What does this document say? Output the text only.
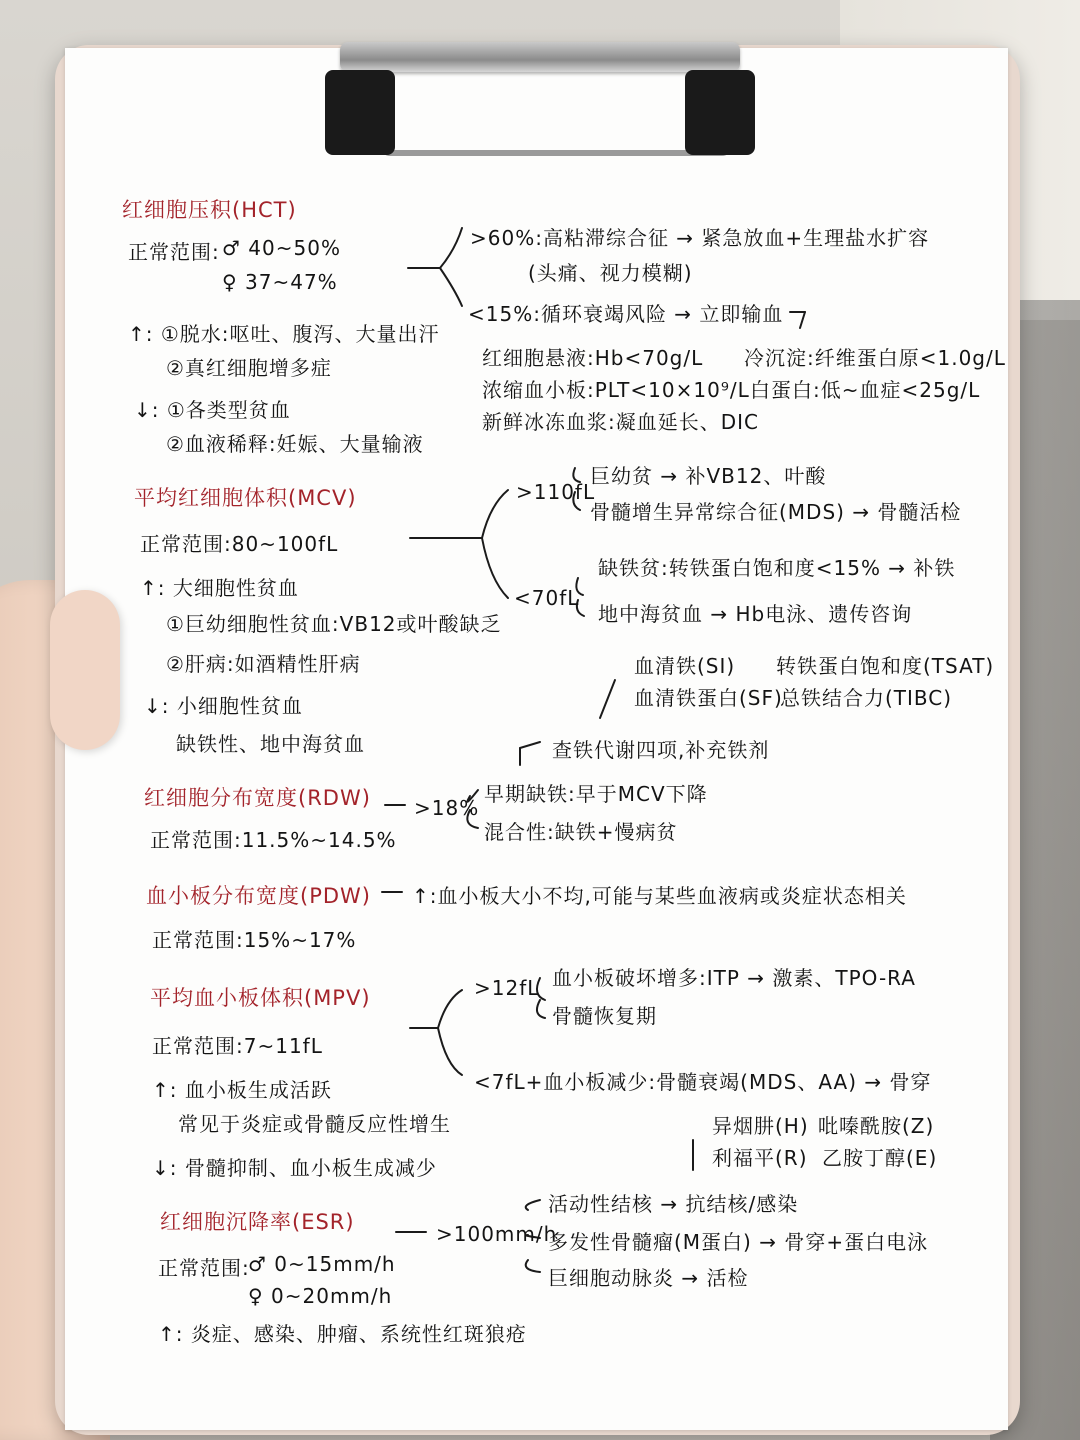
红细胞压积(HCT)
正常范围: ♂ 40~50%
♀ 37~47%
↑: ①脱水:呕吐、腹泻、大量出汗
②真红细胞增多症
↓: ①各类型贫血
②血液稀释:妊娠、大量输液
>60%:高粘滞综合征 → 紧急放血+生理盐水扩容
(头痛、视力模糊)
<15%:循环衰竭风险 → 立即输血
红细胞悬液:Hb<70g/L 冷沉淀:纤维蛋白原<1.0g/L
浓缩血小板:PLT<10×10⁹/L 白蛋白:低~血症<25g/L
新鲜冰冻血浆:凝血延长、DIC
平均红细胞体积(MCV)
正常范围:80~100fL
↑: 大细胞性贫血
①巨幼细胞性贫血:VB12或叶酸缺乏
②肝病:如酒精性肝病
↓: 小细胞性贫血
缺铁性、地中海贫血
>110fL
巨幼贫 → 补VB12、叶酸
骨髓增生异常综合征(MDS) → 骨髓活检
<70fL
缺铁贫:转铁蛋白饱和度<15% → 补铁
地中海贫血 → Hb电泳、遗传咨询
血清铁(SI) 转铁蛋白饱和度(TSAT)
血清铁蛋白(SF)
总铁结合力(TIBC)
查铁代谢四项,补充铁剂
红细胞分布宽度(RDW)
正常范围:11.5%~14.5%
>18%
早期缺铁:早于MCV下降
混合性:缺铁+慢病贫
血小板分布宽度(PDW)
正常范围:15%~17%
↑:血小板大小不均,可能与某些血液病或炎症状态相关
平均血小板体积(MPV)
正常范围:7~11fL
↑: 血小板生成活跃
常见于炎症或骨髓反应性增生
↓: 骨髓抑制、血小板生成减少
>12fL 血小板破坏增多:ITP → 激素、TPO-RA
骨髓恢复期
<7fL+血小板减少:骨髓衰竭(MDS、AA) → 骨穿
异烟肼(H) 吡嗪酰胺(Z)
利福平(R) 乙胺丁醇(E)
红细胞沉降率(ESR)
正常范围:
♂ 0~15mm/h
♀ 0~20mm/h
↑: 炎症、感染、肿瘤、系统性红斑狼疮
>100mm/h
活动性结核 → 抗结核/感染
多发性骨髓瘤(M蛋白) → 骨穿+蛋白电泳
巨细胞动脉炎 → 活检
